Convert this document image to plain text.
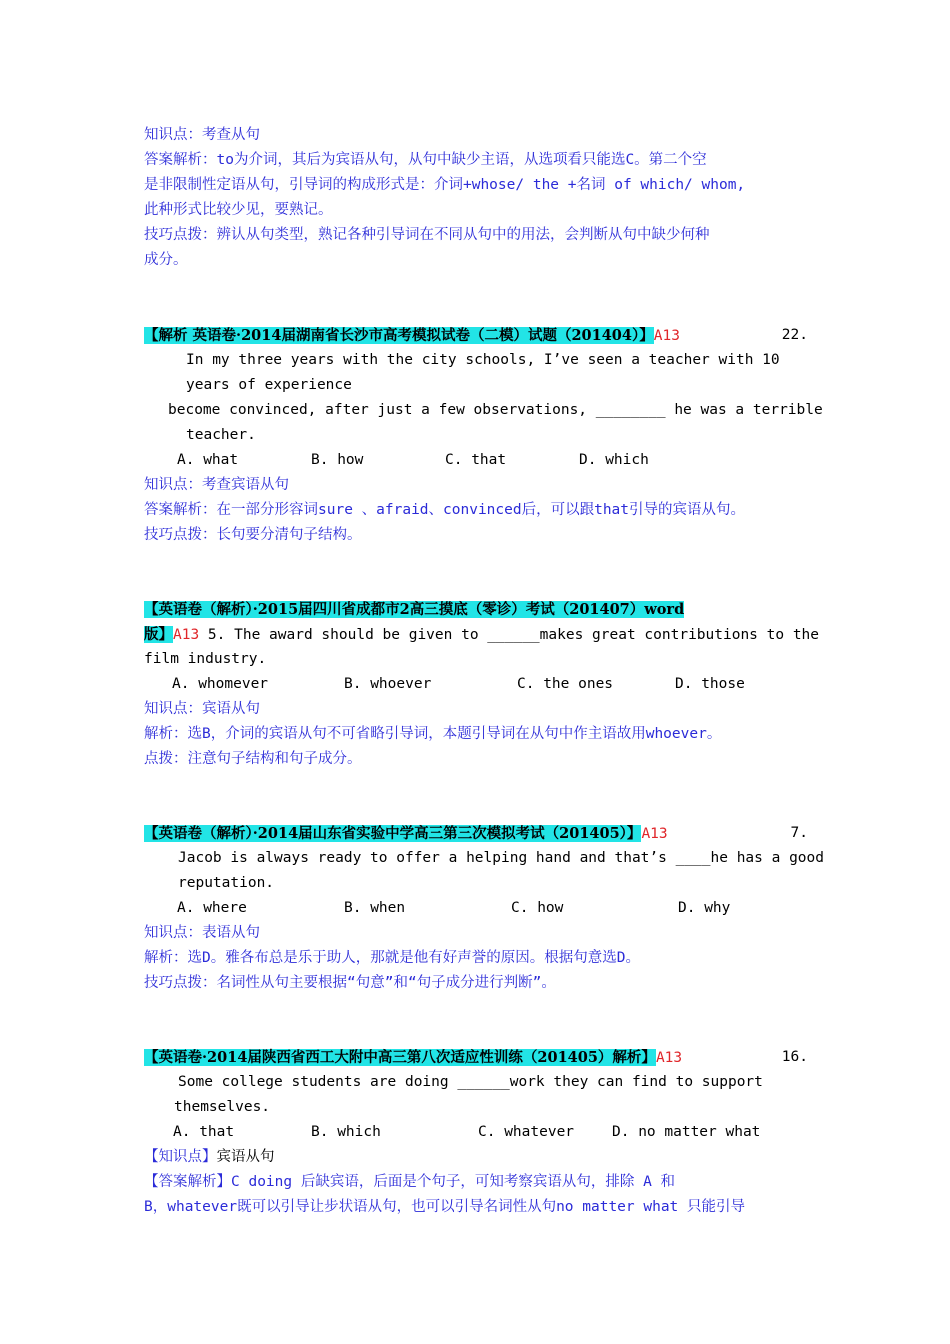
知识点：考查从句
答案解析：to为介词，其后为宾语从句，从句中缺少主语，从选项看只能选C。第二个空
是非限制性定语从句，引导词的构成形式是：介词+whose/ the +名词 of which/ whom,
此种形式比较少见，要熟记。
技巧点拨：辨认从句类型，熟记各种引导词在不同从句中的用法，会判断从句中缺少何种
成分。
【解析 英语卷·2014届湖南省长沙市高考模拟试卷（二模）试题（201404）】A13	22.
In my three years with the city schools, I’ve seen a teacher with 10
years of experience
become convinced, after just a few observations, ________ he was a terrible
teacher.
A. what	B. how	C. that	D. which
知识点：考查宾语从句
答案解析：在一部分形容词sure 、afraid、convinced后，可以跟that引导的宾语从句。
技巧点拨：长句要分清句子结构。
【英语卷（解析）·2015届四川省成都市2高三摸底（零诊）考试（201407）word
版】A13 5. The award should be given to ______makes great contributions to the
film industry.
A. whomever	B. whoever	C. the ones	D. those
知识点：宾语从句
解析：选B，介词的宾语从句不可省略引导词，本题引导词在从句中作主语故用whoever。
点拨：注意句子结构和句子成分。
【英语卷（解析）·2014届山东省实验中学高三第三次模拟考试（201405）】A13	7.
Jacob is always ready to offer a helping hand and that’s ____he has a good
reputation.
A. where	B. when	C. how	D. why
知识点：表语从句
解析：选D。雅各布总是乐于助人，那就是他有好声誉的原因。根据句意选D。
技巧点拨：名词性从句主要根据“句意”和“句子成分进行判断”。
【英语卷·2014届陕西省西工大附中高三第八次适应性训练（201405）解析】A13	16.
Some college students are doing ______work they can find to support
themselves.
A. that	B. which	C. whatever	D. no matter what
【知识点】宾语从句
【答案解析】C doing 后缺宾语，后面是个句子，可知考察宾语从句，排除 A 和
B，whatever既可以引导让步状语从句，也可以引导名词性从句no matter what 只能引导
